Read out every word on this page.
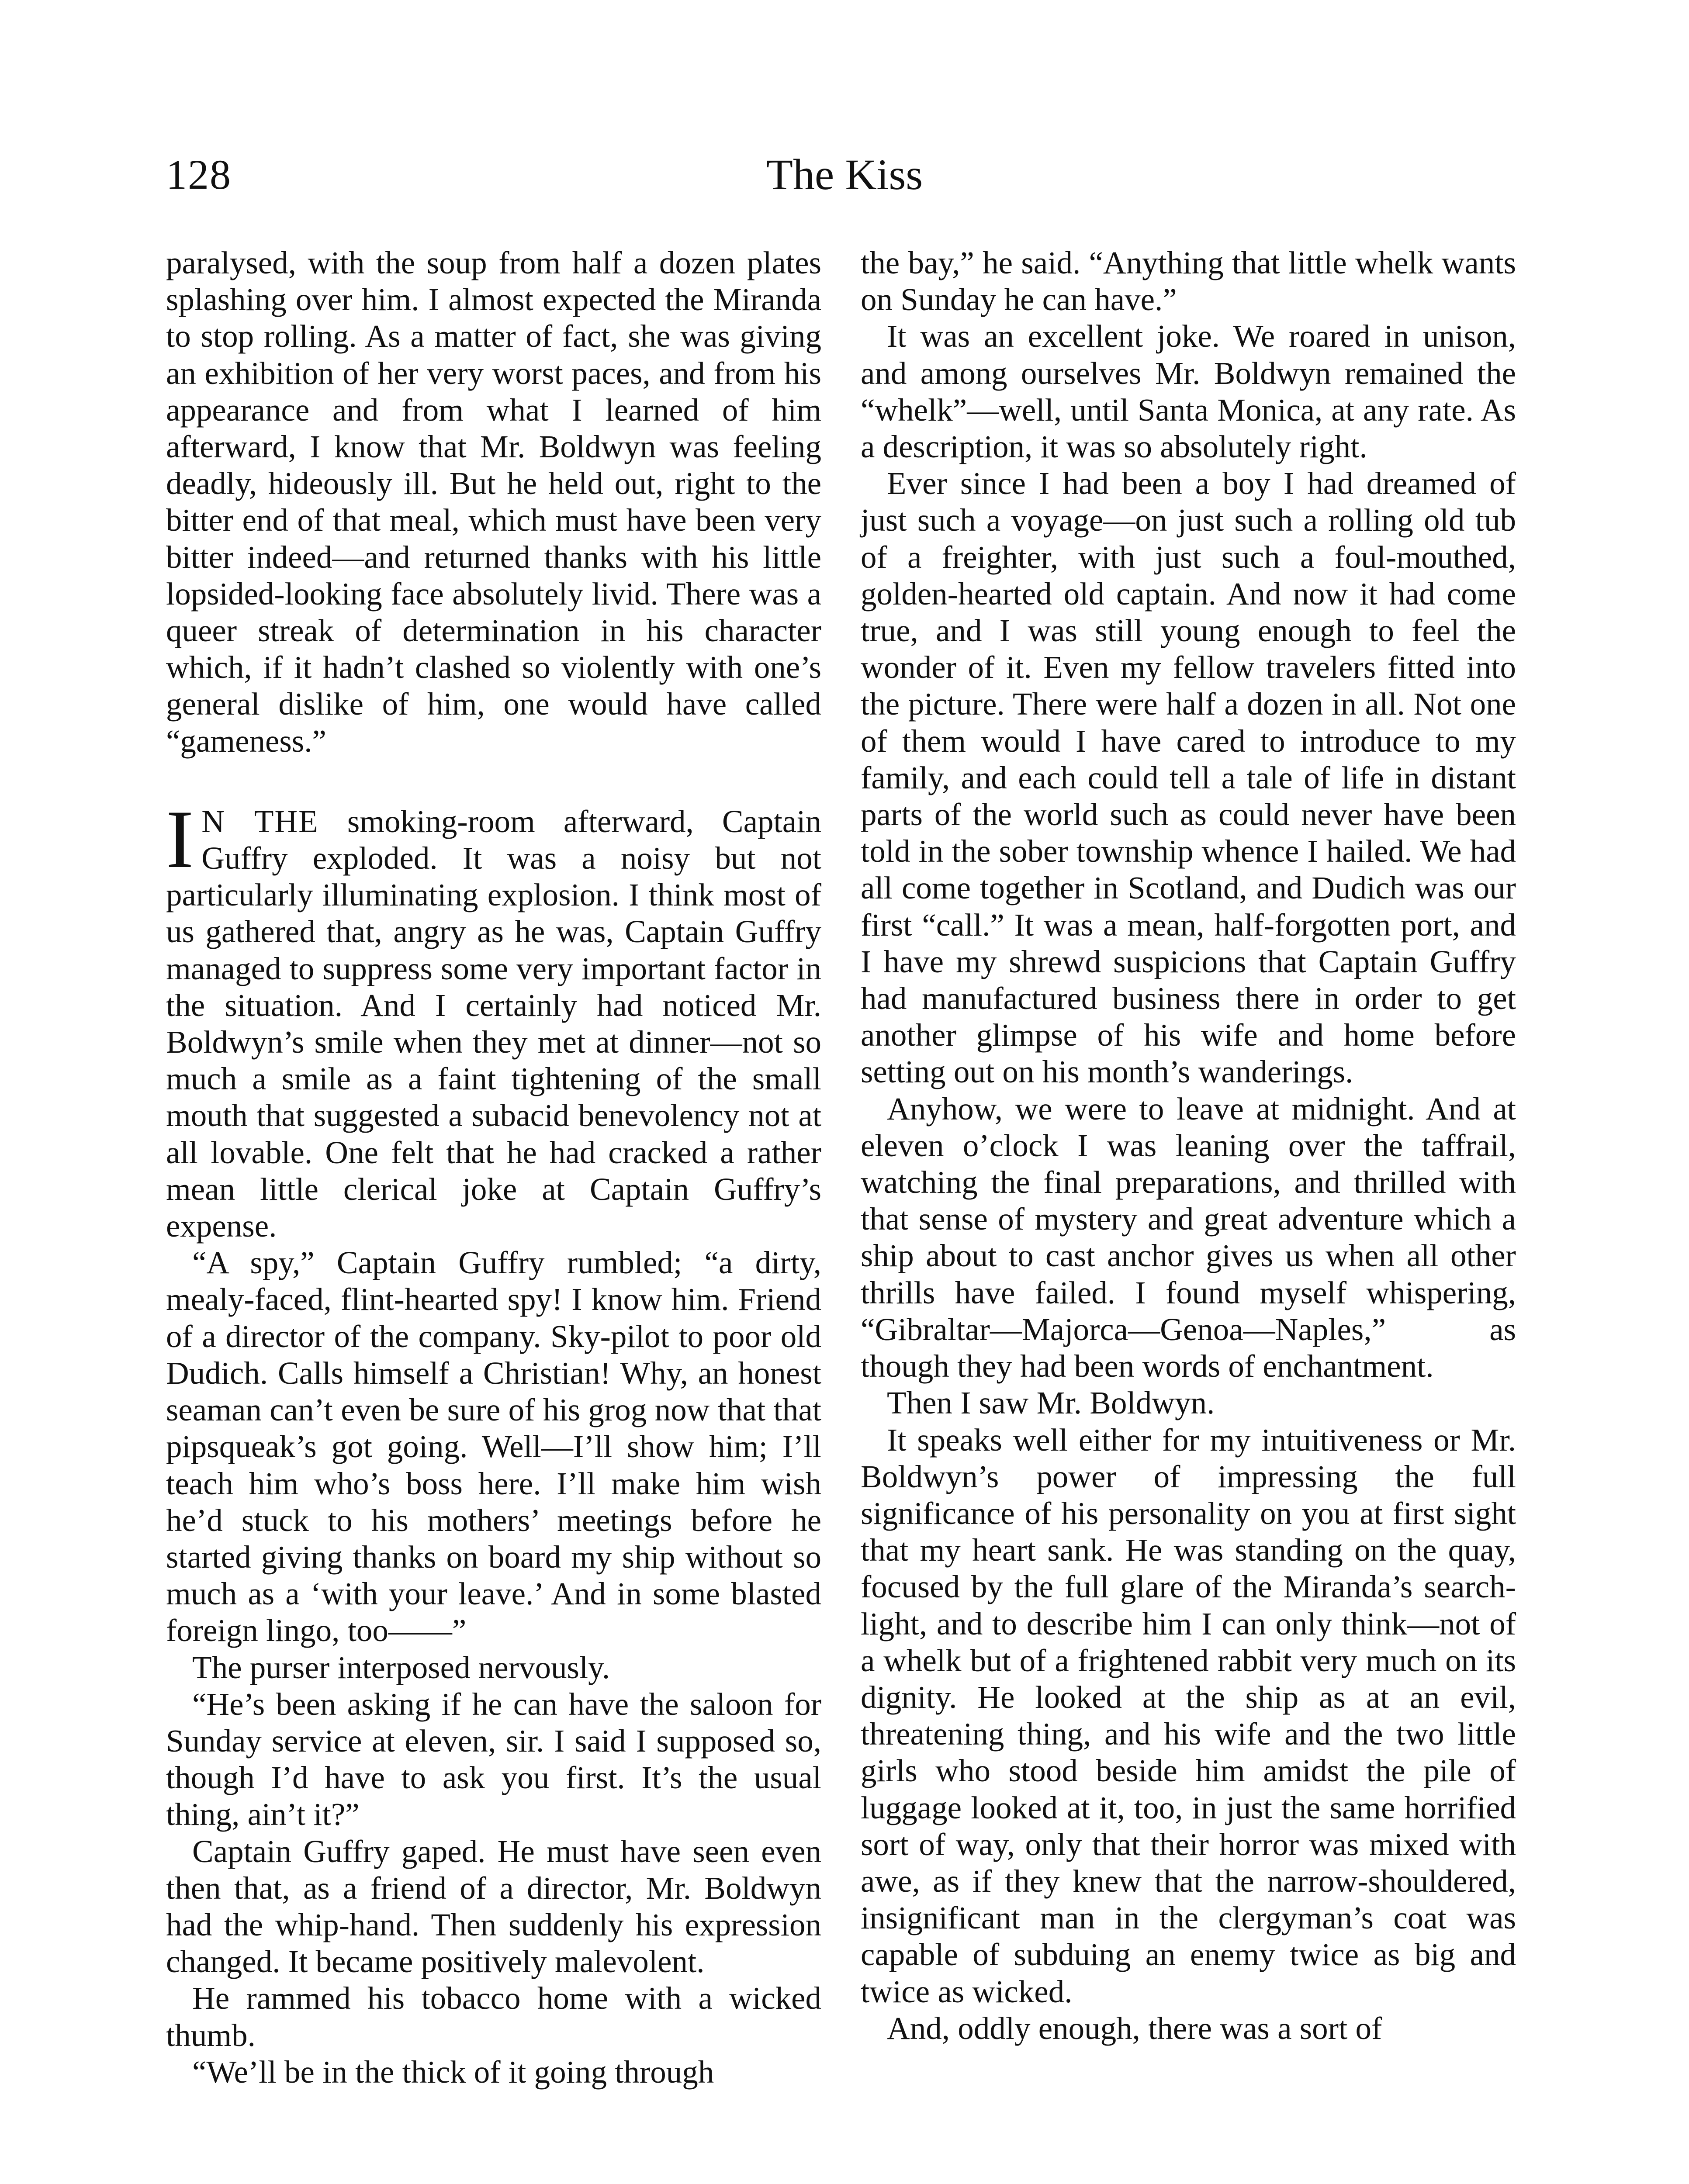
128	The Kiss

paralysed, with the soup from half a dozen plates splashing over him. I almost expected the Miranda to stop rolling. As a matter of fact, she was giving an exhibition of her very worst paces, and from his appearance and from what I learned of him afterward, I know that Mr. Boldwyn was feeling deadly, hideously ill. But he held out, right to the bitter end of that meal, which must have been very bitter indeed—and returned thanks with his little lopsided-looking face absolutely livid. There was a queer streak of determination in his character which, if it hadn’t clashed so violently with one’s general dislike of him, one would have called “gameness.”

I N THE smoking-room afterward, Captain Guffry exploded. It was a noisy but not particularly illuminating explosion. I think most of us gathered that, angry as he was, Captain Guffry managed to suppress some very important factor in the situation. And I certainly had noticed Mr. Boldwyn’s smile when they met at dinner—not so much a smile as a faint tightening of the small mouth that suggested a subacid benevolency not at all lovable. One felt that he had cracked a rather mean little clerical joke at Captain Guffry’s expense.

“A spy,” Captain Guffry rumbled; “a dirty, mealy-faced, flint-hearted spy! I know him. Friend of a director of the company. Sky-pilot to poor old Dudich. Calls himself a Christian! Why, an honest seaman can’t even be sure of his grog now that that pipsqueak’s got going. Well—I’ll show him; I’ll teach him who’s boss here. I’ll make him wish he’d stuck to his mothers’ meetings before he started giving thanks on board my ship without so much as a ‘with your leave.’ And in some blasted foreign lingo, too——”

The purser interposed nervously.

“He’s been asking if he can have the saloon for Sunday service at eleven, sir. I said I supposed so, though I’d have to ask you first. It’s the usual thing, ain’t it?”

Captain Guffry gaped. He must have seen even then that, as a friend of a director, Mr. Boldwyn had the whip-hand. Then suddenly his expression changed. It became positively malevolent.

He rammed his tobacco home with a wicked thumb.

“We’ll be in the thick of it going through

the bay,” he said. “Anything that little whelk wants on Sunday he can have.”

It was an excellent joke. We roared in unison, and among ourselves Mr. Boldwyn remained the “whelk”—well, until Santa Monica, at any rate. As a description, it was so absolutely right.

Ever since I had been a boy I had dreamed of just such a voyage—on just such a rolling old tub of a freighter, with just such a foul-mouthed, golden-hearted old captain. And now it had come true, and I was still young enough to feel the wonder of it. Even my fellow travelers fitted into the picture. There were half a dozen in all. Not one of them would I have cared to introduce to my family, and each could tell a tale of life in distant parts of the world such as could never have been told in the sober township whence I hailed. We had all come together in Scotland, and Dudich was our first “call.” It was a mean, half-forgotten port, and I have my shrewd suspicions that Captain Guffry had manufactured business there in order to get another glimpse of his wife and home before setting out on his month’s wanderings.

Anyhow, we were to leave at midnight. And at eleven o’clock I was leaning over the taffrail, watching the final preparations, and thrilled with that sense of mystery and great adventure which a ship about to cast anchor gives us when all other thrills have failed. I found myself whispering, “Gibraltar—Majorca—Genoa—Naples,” as though they had been words of enchantment.

Then I saw Mr. Boldwyn.

It speaks well either for my intuitiveness or Mr. Boldwyn’s power of impressing the full significance of his personality on you at first sight that my heart sank. He was standing on the quay, focused by the full glare of the Miranda’s search-light, and to describe him I can only think—not of a whelk but of a frightened rabbit very much on its dignity. He looked at the ship as at an evil, threatening thing, and his wife and the two little girls who stood beside him amidst the pile of luggage looked at it, too, in just the same horrified sort of way, only that their horror was mixed with awe, as if they knew that the narrow-shouldered, insignificant man in the clergyman’s coat was capable of subduing an enemy twice as big and twice as wicked.

And, oddly enough, there was a sort of
